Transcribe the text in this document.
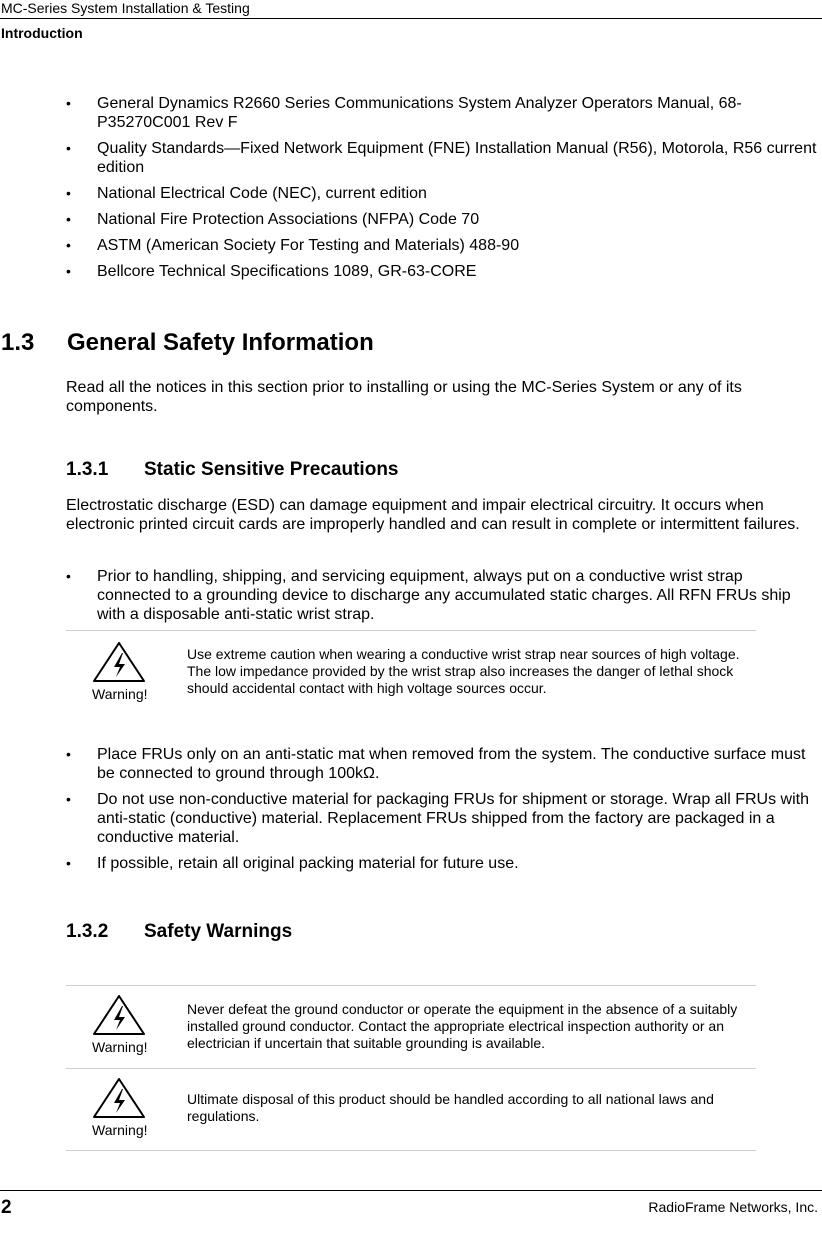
MC-Series System Installation & Testing
Introduction
• General Dynamics R2660 Series Communications System Analyzer Operators Manual, 68-P35270C001 Rev F
• Quality Standards—Fixed Network Equipment (FNE) Installation Manual (R56), Motorola, R56 current edition
• National Electrical Code (NEC), current edition
• National Fire Protection Associations (NFPA) Code 70
• ASTM (American Society For Testing and Materials) 488-90
• Bellcore Technical Specifications 1089, GR-63-CORE
1.3 General Safety Information

Read all the notices in this section prior to installing or using the MC-Series System or any of its components.

1.3.1 Static Sensitive Precautions

Electrostatic discharge (ESD) can damage equipment and impair electrical circuitry. It occurs when electronic printed circuit cards are improperly handled and can result in complete or intermittent failures.

• Prior to handling, shipping, and servicing equipment, always put on a conductive wrist strap connected to a grounding device to discharge any accumulated static charges. All RFN FRUs ship with a disposable anti-static wrist strap.
Warning!
Use extreme caution when wearing a conductive wrist strap near sources of high voltage. The low impedance provided by the wrist strap also increases the danger of lethal shock should accidental contact with high voltage sources occur.
• Place FRUs only on an anti-static mat when removed from the system. The conductive surface must be connected to ground through 100kΩ.
• Do not use non-conductive material for packaging FRUs for shipment or storage. Wrap all FRUs with anti-static (conductive) material. Replacement FRUs shipped from the factory are packaged in a conductive material.
• If possible, retain all original packing material for future use.
1.3.2 Safety Warnings
Warning!
Never defeat the ground conductor or operate the equipment in the absence of a suitably installed ground conductor. Contact the appropriate electrical inspection authority or an electrician if uncertain that suitable grounding is available.
Warning!
Ultimate disposal of this product should be handled according to all national laws and regulations.
2	RadioFrame Networks, Inc.
